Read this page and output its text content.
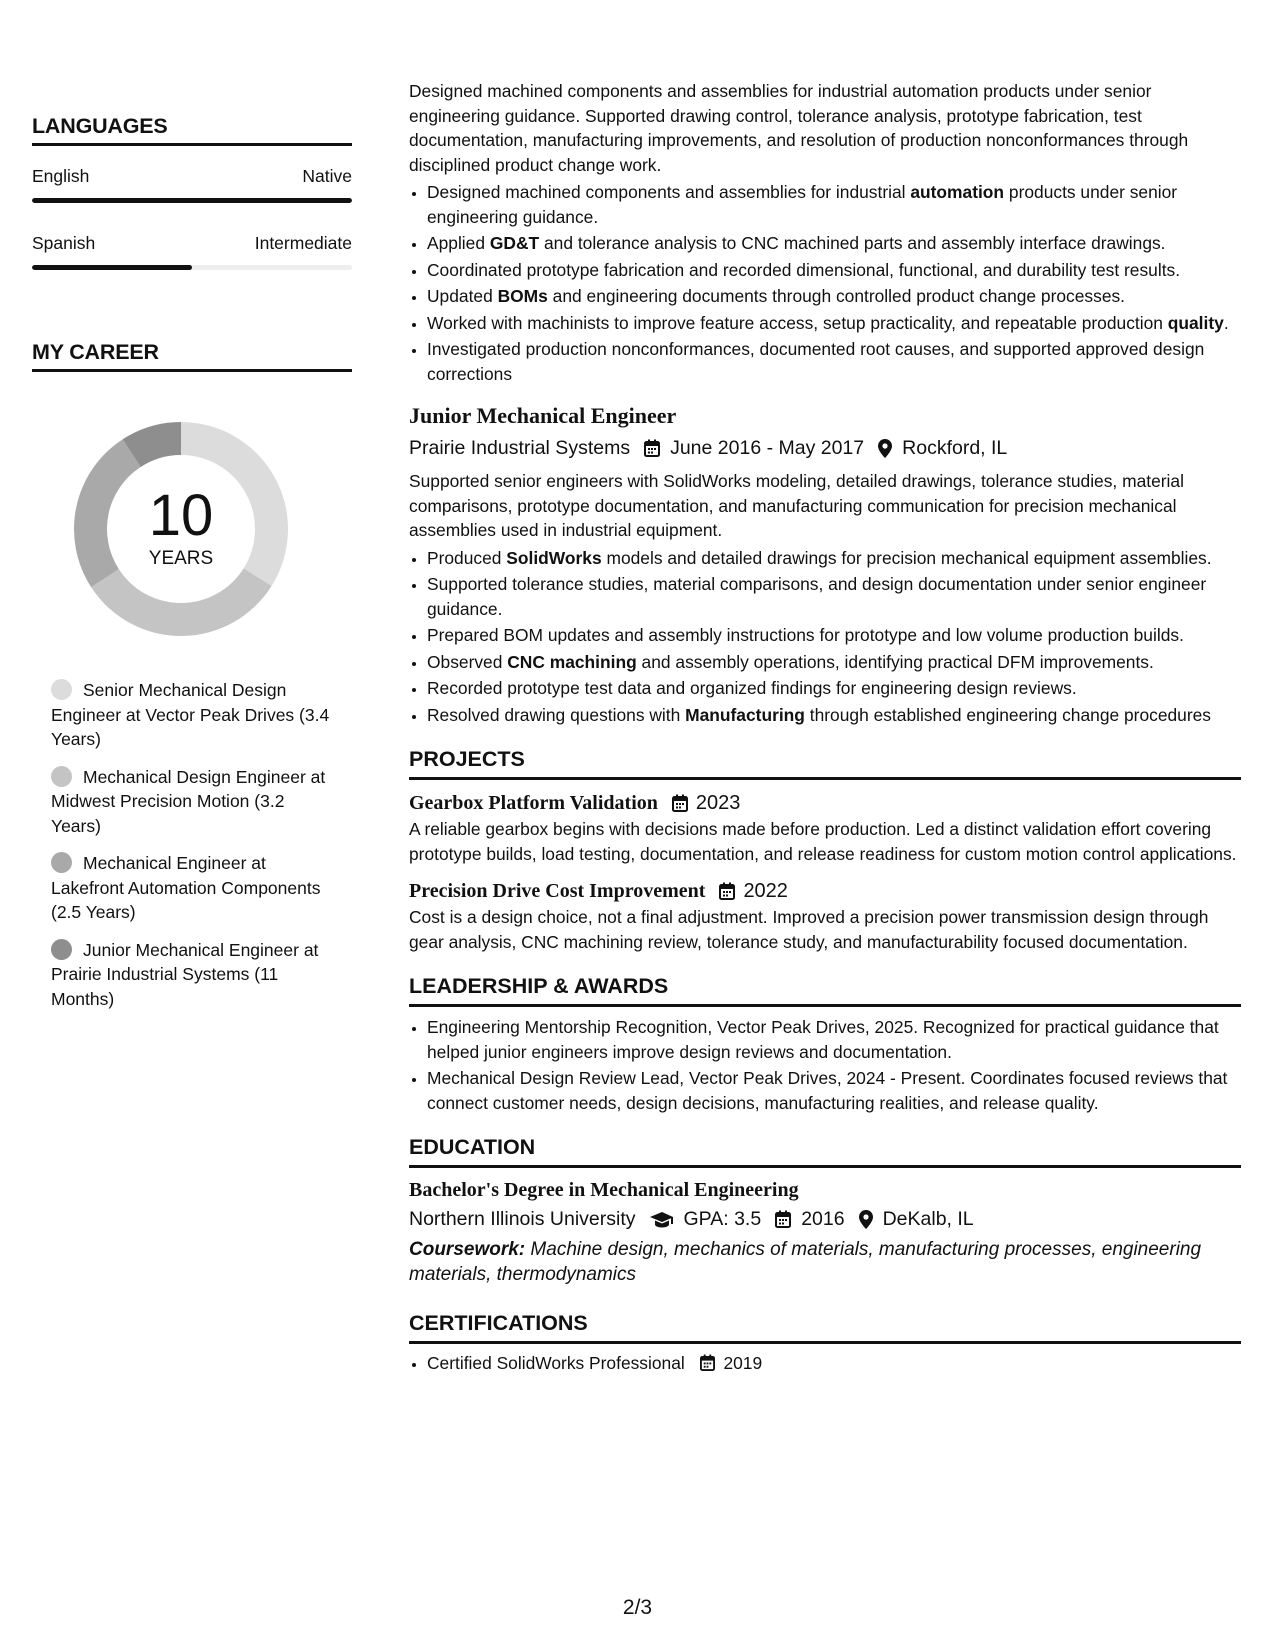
LANGUAGES
English	Native
Spanish	Intermediate
MY CAREER
10
YEARS
Senior Mechanical Design Engineer at Vector Peak Drives (3.4 Years)
Mechanical Design Engineer at Midwest Precision Motion (3.2 Years)
Mechanical Engineer at Lakefront Automation Components (2.5 Years)
Junior Mechanical Engineer at Prairie Industrial Systems (11 Months)
Designed machined components and assemblies for industrial automation products under senior engineering guidance. Supported drawing control, tolerance analysis, prototype fabrication, test documentation, manufacturing improvements, and resolution of production nonconformances through disciplined product change work.
• Designed machined components and assemblies for industrial automation products under senior engineering guidance.
• Applied GD&T and tolerance analysis to CNC machined parts and assembly interface drawings.
• Coordinated prototype fabrication and recorded dimensional, functional, and durability test results.
• Updated BOMs and engineering documents through controlled product change processes.
• Worked with machinists to improve feature access, setup practicality, and repeatable production quality.
• Investigated production nonconformances, documented root causes, and supported approved design corrections
Junior Mechanical Engineer
Prairie Industrial Systems June 2016 - May 2017 Rockford, IL
Supported senior engineers with SolidWorks modeling, detailed drawings, tolerance studies, material comparisons, prototype documentation, and manufacturing communication for precision mechanical assemblies used in industrial equipment.
• Produced SolidWorks models and detailed drawings for precision mechanical equipment assemblies.
• Supported tolerance studies, material comparisons, and design documentation under senior engineer guidance.
• Prepared BOM updates and assembly instructions for prototype and low volume production builds.
• Observed CNC machining and assembly operations, identifying practical DFM improvements.
• Recorded prototype test data and organized findings for engineering design reviews.
• Resolved drawing questions with Manufacturing through established engineering change procedures
PROJECTS
Gearbox Platform Validation 2023
A reliable gearbox begins with decisions made before production. Led a distinct validation effort covering prototype builds, load testing, documentation, and release readiness for custom motion control applications.
Precision Drive Cost Improvement 2022
Cost is a design choice, not a final adjustment. Improved a precision power transmission design through gear analysis, CNC machining review, tolerance study, and manufacturability focused documentation.
LEADERSHIP & AWARDS
• Engineering Mentorship Recognition, Vector Peak Drives, 2025. Recognized for practical guidance that helped junior engineers improve design reviews and documentation.
• Mechanical Design Review Lead, Vector Peak Drives, 2024 - Present. Coordinates focused reviews that connect customer needs, design decisions, manufacturing realities, and release quality.
EDUCATION
Bachelor's Degree in Mechanical Engineering
Northern Illinois University GPA: 3.5 2016 DeKalb, IL
Coursework: Machine design, mechanics of materials, manufacturing processes, engineering materials, thermodynamics
CERTIFICATIONS
• Certified SolidWorks Professional 2019
2/3
